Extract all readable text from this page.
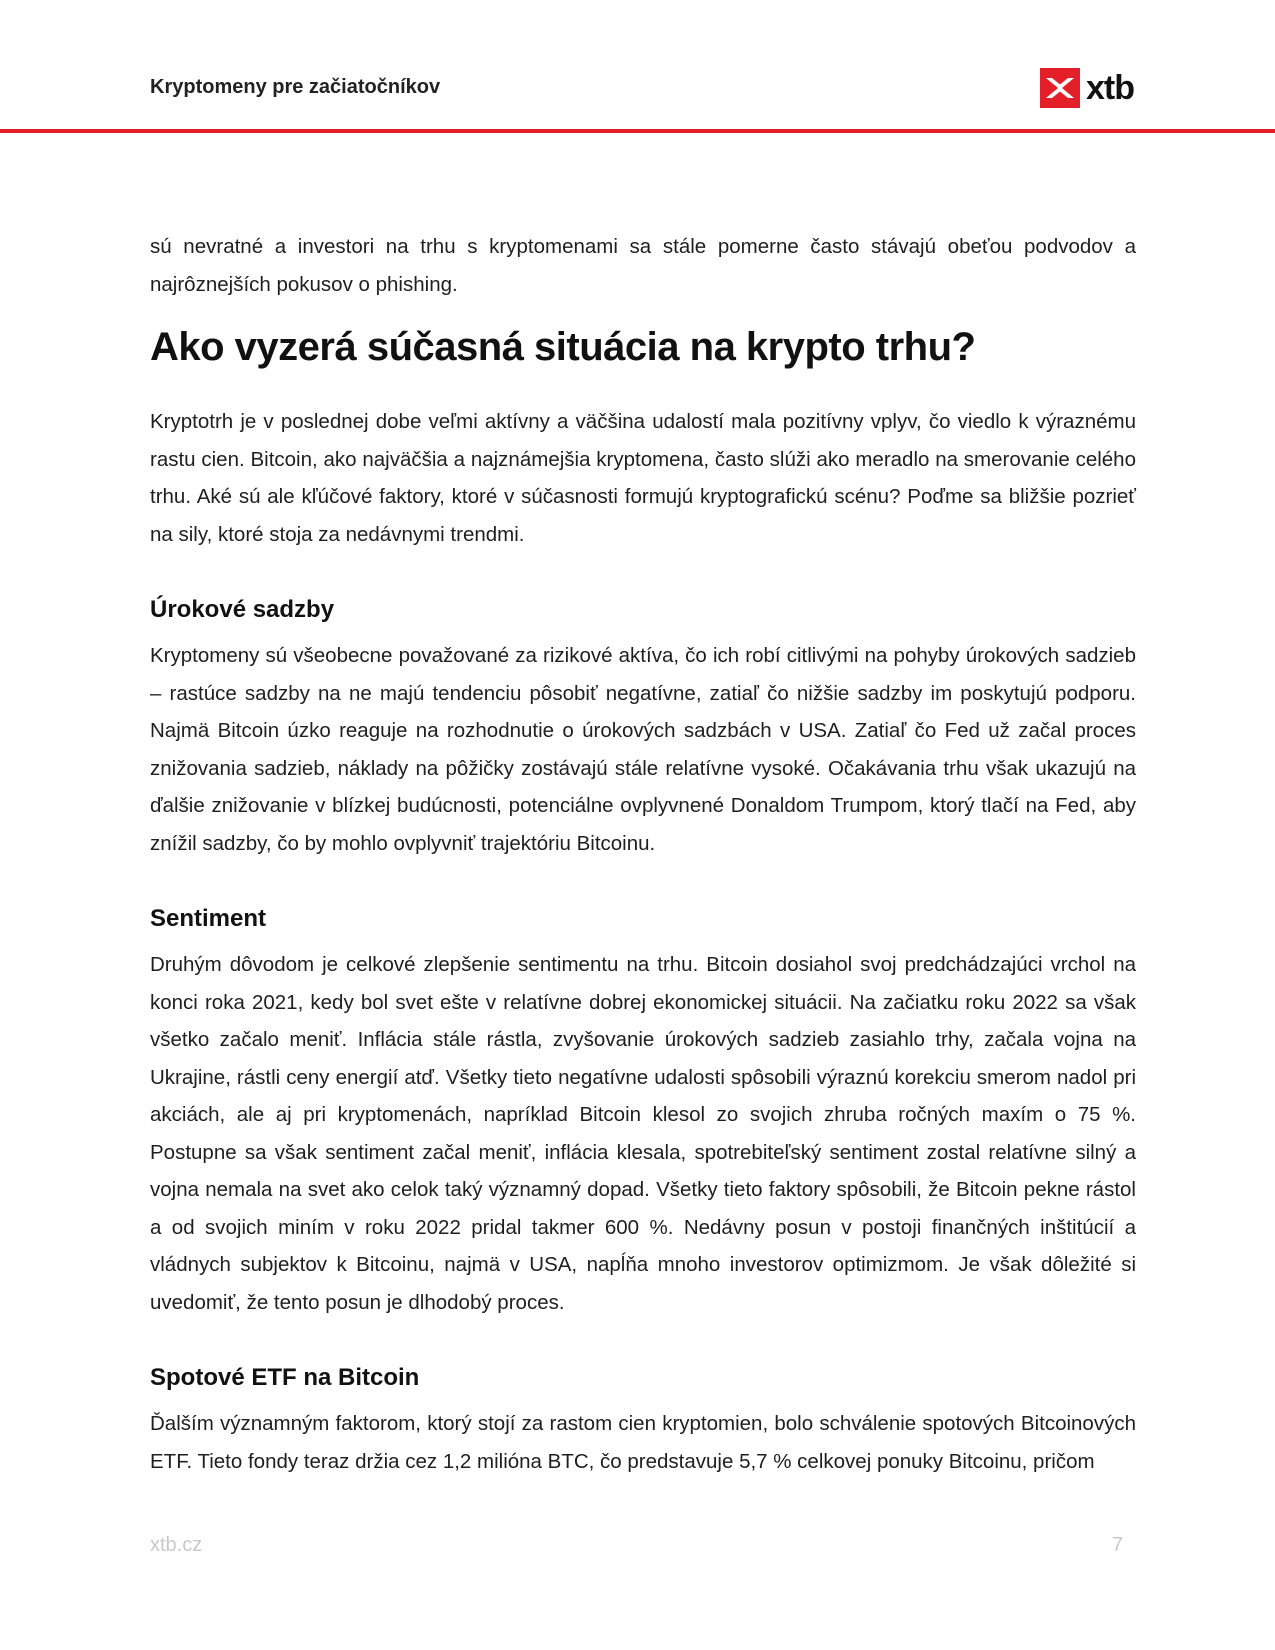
Kryptomeny pre začiatočníkov	xtb

sú nevratné a investori na trhu s kryptomenami sa stále pomerne často stávajú obeťou podvodov a najrôznejších pokusov o phishing.

Ako vyzerá súčasná situácia na krypto trhu?

Kryptotrh je v poslednej dobe veľmi aktívny a väčšina udalostí mala pozitívny vplyv, čo viedlo k výraznému rastu cien. Bitcoin, ako najväčšia a najznámejšia kryptomena, často slúži ako meradlo na smerovanie celého trhu. Aké sú ale kľúčové faktory, ktoré v súčasnosti formujú kryptografickú scénu? Poďme sa bližšie pozrieť na sily, ktoré stoja za nedávnymi trendmi.

Úrokové sadzby

Kryptomeny sú všeobecne považované za rizikové aktíva, čo ich robí citlivými na pohyby úrokových sadzieb – rastúce sadzby na ne majú tendenciu pôsobiť negatívne, zatiaľ čo nižšie sadzby im poskytujú podporu. Najmä Bitcoin úzko reaguje na rozhodnutie o úrokových sadzbách v USA. Zatiaľ čo Fed už začal proces znižovania sadzieb, náklady na pôžičky zostávajú stále relatívne vysoké. Očakávania trhu však ukazujú na ďalšie znižovanie v blízkej budúcnosti, potenciálne ovplyvnené Donaldom Trumpom, ktorý tlačí na Fed, aby znížil sadzby, čo by mohlo ovplyvniť trajektóriu Bitcoinu.

Sentiment

Druhým dôvodom je celkové zlepšenie sentimentu na trhu. Bitcoin dosiahol svoj predchádzajúci vrchol na konci roka 2021, kedy bol svet ešte v relatívne dobrej ekonomickej situácii. Na začiatku roku 2022 sa však všetko začalo meniť. Inflácia stále rástla, zvyšovanie úrokových sadzieb zasiahlo trhy, začala vojna na Ukrajine, rástli ceny energií atď. Všetky tieto negatívne udalosti spôsobili výraznú korekciu smerom nadol pri akciách, ale aj pri kryptomenách, napríklad Bitcoin klesol zo svojich zhruba ročných maxím o 75 %. Postupne sa však sentiment začal meniť, inflácia klesala, spotrebiteľský sentiment zostal relatívne silný a vojna nemala na svet ako celok taký významný dopad. Všetky tieto faktory spôsobili, že Bitcoin pekne rástol a od svojich miním v roku 2022 pridal takmer 600 %. Nedávny posun v postoji finančných inštitúcií a vládnych subjektov k Bitcoinu, najmä v USA, napĺňa mnoho investorov optimizmom. Je však dôležité si uvedomiť, že tento posun je dlhodobý proces.

Spotové ETF na Bitcoin

Ďalším významným faktorom, ktorý stojí za rastom cien kryptomien, bolo schválenie spotových Bitcoinových ETF. Tieto fondy teraz držia cez 1,2 milióna BTC, čo predstavuje 5,7 % celkovej ponuky Bitcoinu, pričom

xtb.cz	7
